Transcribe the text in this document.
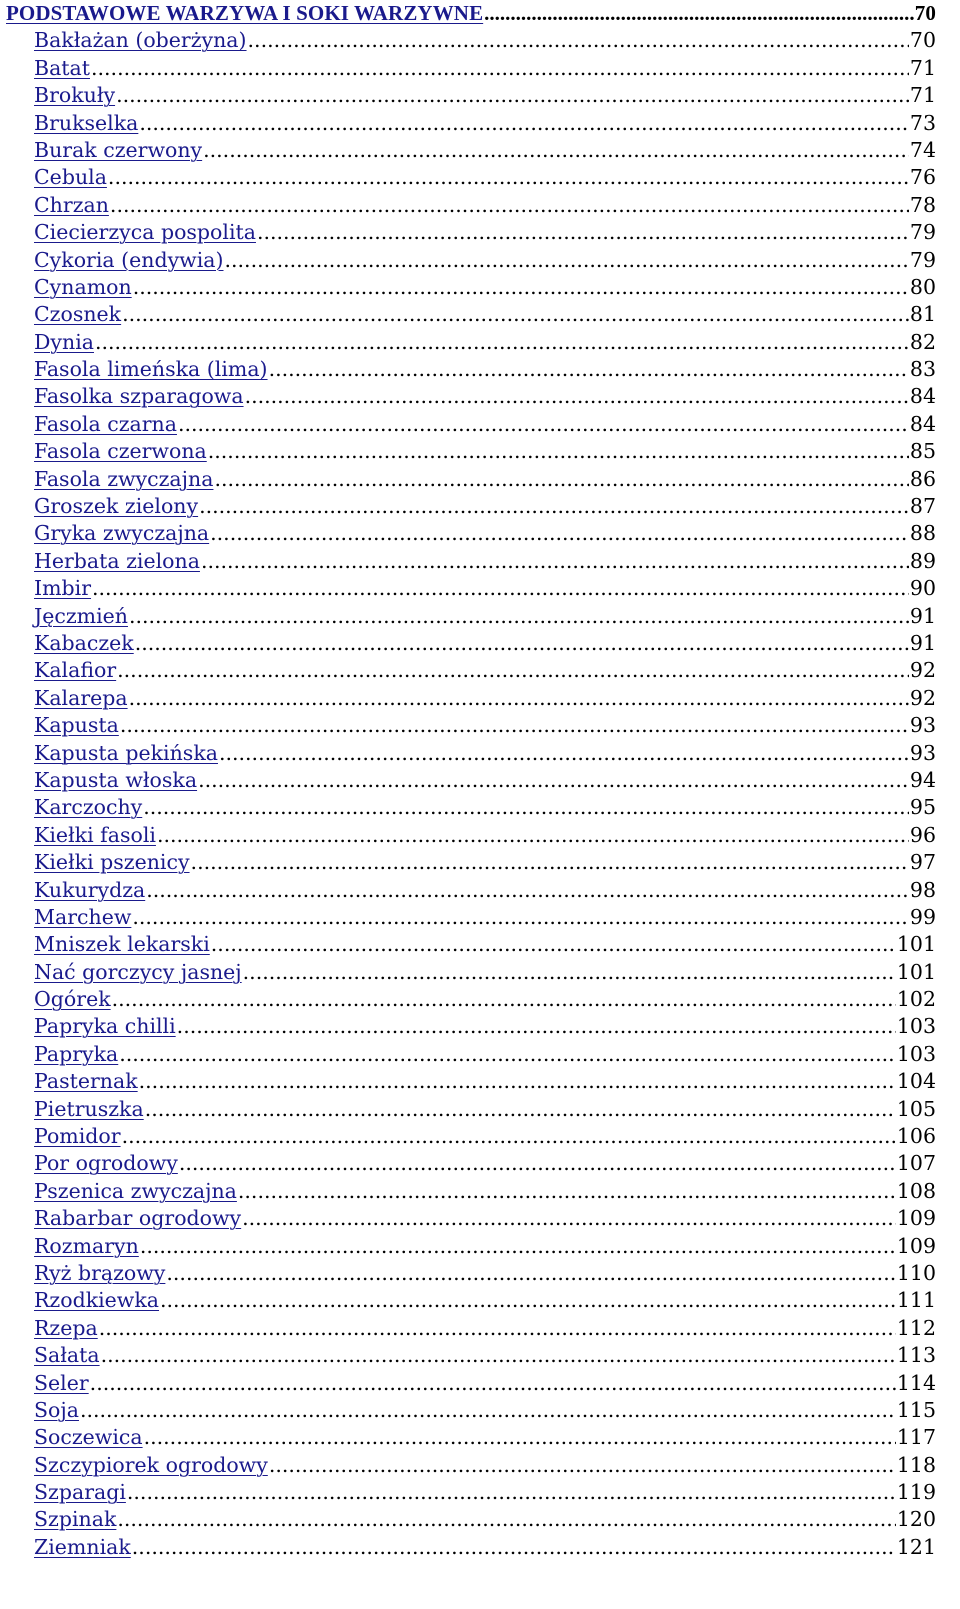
PODSTAWOWE WARZYWA I SOKI WARZYWNE .....	70
Bakłażan (oberżyna) .....	70
Batat .....	71
Brokuły .....	71
Brukselka .....	73
Burak czerwony .....	74
Cebula .....	76
Chrzan .....	78
Ciecierzyca pospolita .....	79
Cykoria (endywia) .....	79
Cynamon .....	80
Czosnek .....	81
Dynia .....	82
Fasola limeńska (lima) .....	83
Fasolka szparagowa .....	84
Fasola czarna .....	84
Fasola czerwona .....	85
Fasola zwyczajna .....	86
Groszek zielony .....	87
Gryka zwyczajna .....	88
Herbata zielona .....	89
Imbir .....	90
Jęczmień .....	91
Kabaczek .....	91
Kalafior .....	92
Kalarepa .....	92
Kapusta .....	93
Kapusta pekińska .....	93
Kapusta włoska .....	94
Karczochy .....	95
Kiełki fasoli .....	96
Kiełki pszenicy .....	97
Kukurydza .....	98
Marchew .....	99
Mniszek lekarski .....	101
Nać gorczycy jasnej .....	101
Ogórek .....	102
Papryka chilli .....	103
Papryka .....	103
Pasternak .....	104
Pietruszka .....	105
Pomidor .....	106
Por ogrodowy .....	107
Pszenica zwyczajna .....	108
Rabarbar ogrodowy .....	109
Rozmaryn .....	109
Ryż brązowy .....	110
Rzodkiewka .....	111
Rzepa .....	112
Sałata .....	113
Seler .....	114
Soja .....	115
Soczewica .....	117
Szczypiorek ogrodowy .....	118
Szparagi .....	119
Szpinak .....	120
Ziemniak .....	121
